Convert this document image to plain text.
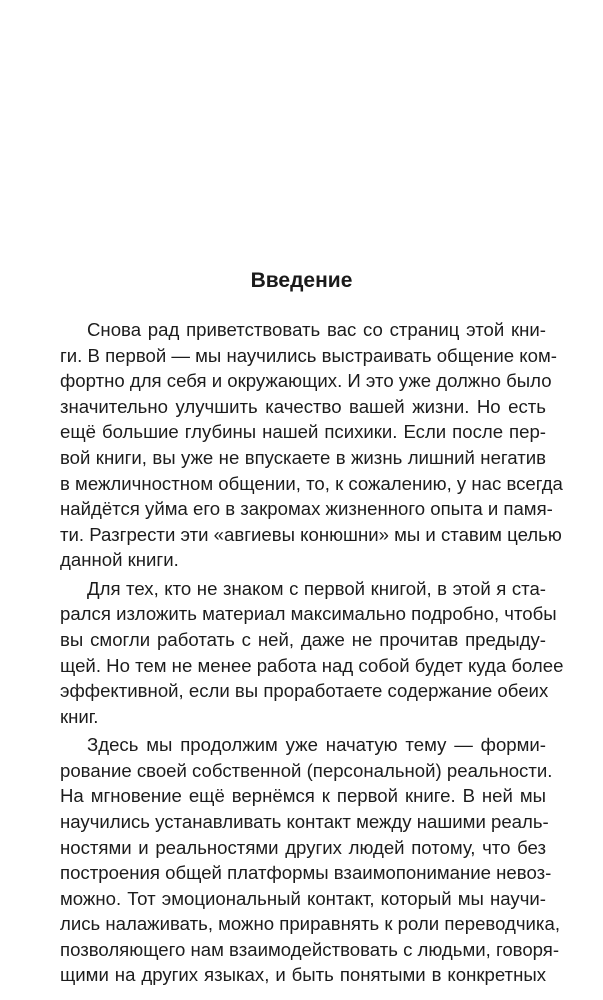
Введение
Снова рад приветствовать вас со страниц этой кни-
ги. В первой — мы научились выстраивать общение ком-
фортно для себя и окружающих. И это уже должно было
значительно улучшить качество вашей жизни. Но есть
ещё большие глубины нашей психики. Если после пер-
вой книги, вы уже не впускаете в жизнь лишний негатив
в межличностном общении, то, к сожалению, у нас всегда
найдётся уйма его в закромах жизненного опыта и памя-
ти. Разгрести эти «авгиевы конюшни» мы и ставим целью
данной книги.
Для тех, кто не знаком с первой книгой, в этой я ста-
рался изложить материал максимально подробно, чтобы
вы смогли работать с ней, даже не прочитав предыду-
щей. Но тем не менее работа над собой будет куда более
эффективной, если вы проработаете содержание обеих
книг.
Здесь мы продолжим уже начатую тему — форми-
рование своей собственной (персональной) реальности.
На мгновение ещё вернёмся к первой книге. В ней мы
научились устанавливать контакт между нашими реаль-
ностями и реальностями других людей потому, что без
построения общей платформы взаимопонимание невоз-
можно. Тот эмоциональный контакт, который мы научи-
лись налаживать, можно приравнять к роли переводчика,
позволяющего нам взаимодействовать с людьми, говоря-
щими на других языках, и быть понятыми в конкретных
